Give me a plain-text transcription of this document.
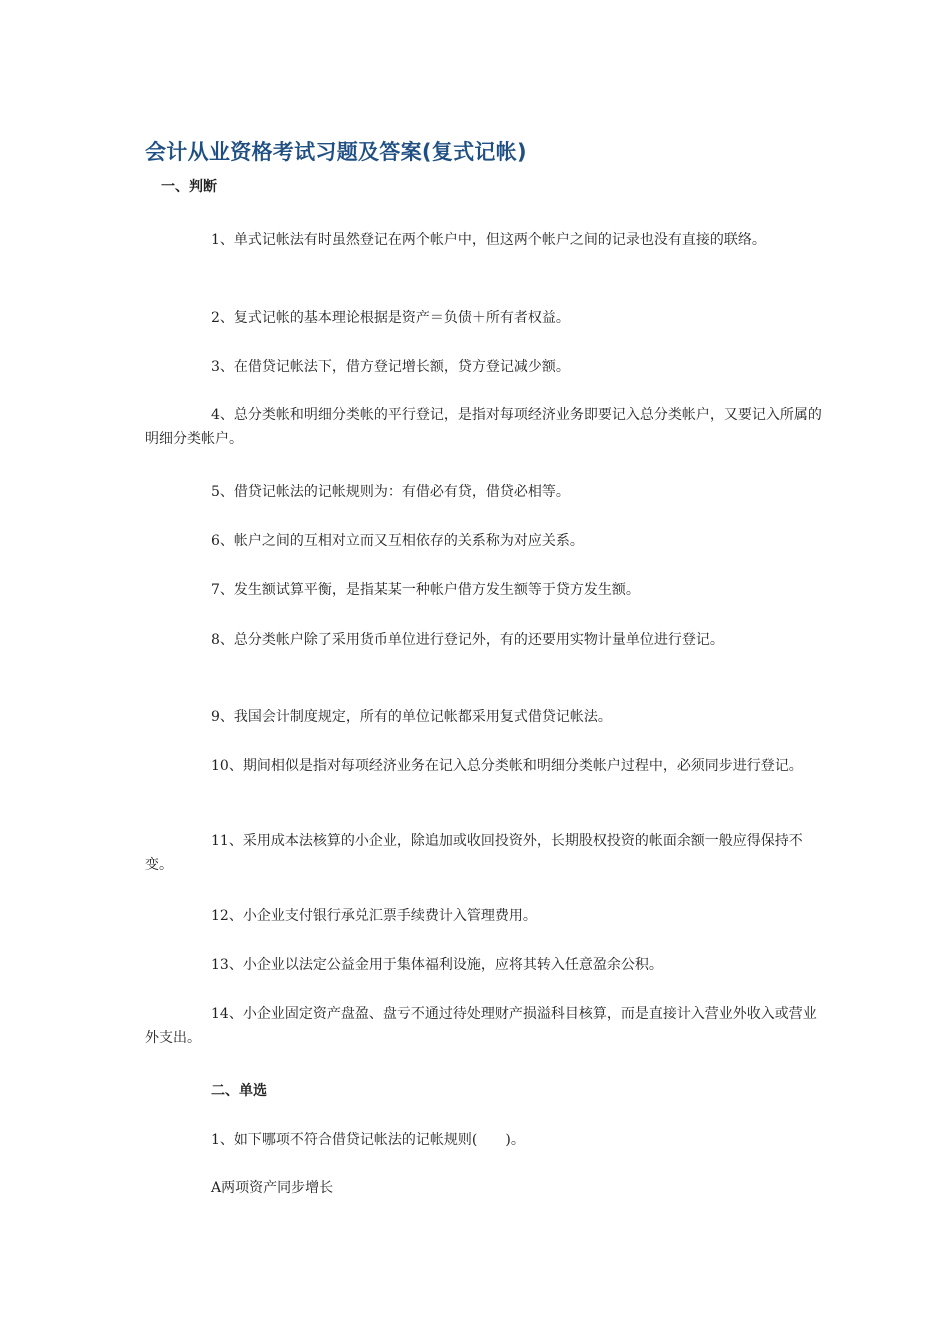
会计从业资格考试习题及答案(复式记帐)
一、判断

1、单式记帐法有时虽然登记在两个帐户中，但这两个帐户之间的记录也没有直接的联络。

2、复式记帐的基本理论根据是资产＝负债＋所有者权益。

3、在借贷记帐法下，借方登记增长额，贷方登记减少额。

4、总分类帐和明细分类帐的平行登记，是指对每项经济业务即要记入总分类帐户，又要记入所属的明细分类帐户。

5、借贷记帐法的记帐规则为：有借必有贷，借贷必相等。

6、帐户之间的互相对立而又互相依存的关系称为对应关系。

7、发生额试算平衡，是指某某一种帐户借方发生额等于贷方发生额。

8、总分类帐户除了采用货币单位进行登记外，有的还要用实物计量单位进行登记。

9、我国会计制度规定，所有的单位记帐都采用复式借贷记帐法。

10、期间相似是指对每项经济业务在记入总分类帐和明细分类帐户过程中，必须同步进行登记。

11、采用成本法核算的小企业，除追加或收回投资外，长期股权投资的帐面余额一般应得保持不变。

12、小企业支付银行承兑汇票手续费计入管理费用。

13、小企业以法定公益金用于集体福利设施，应将其转入任意盈余公积。

14、小企业固定资产盘盈、盘亏不通过待处理财产损溢科目核算，而是直接计入营业外收入或营业外支出。

二、单选

1、如下哪项不符合借贷记帐法的记帐规则(　　)。

A两项资产同步增长
